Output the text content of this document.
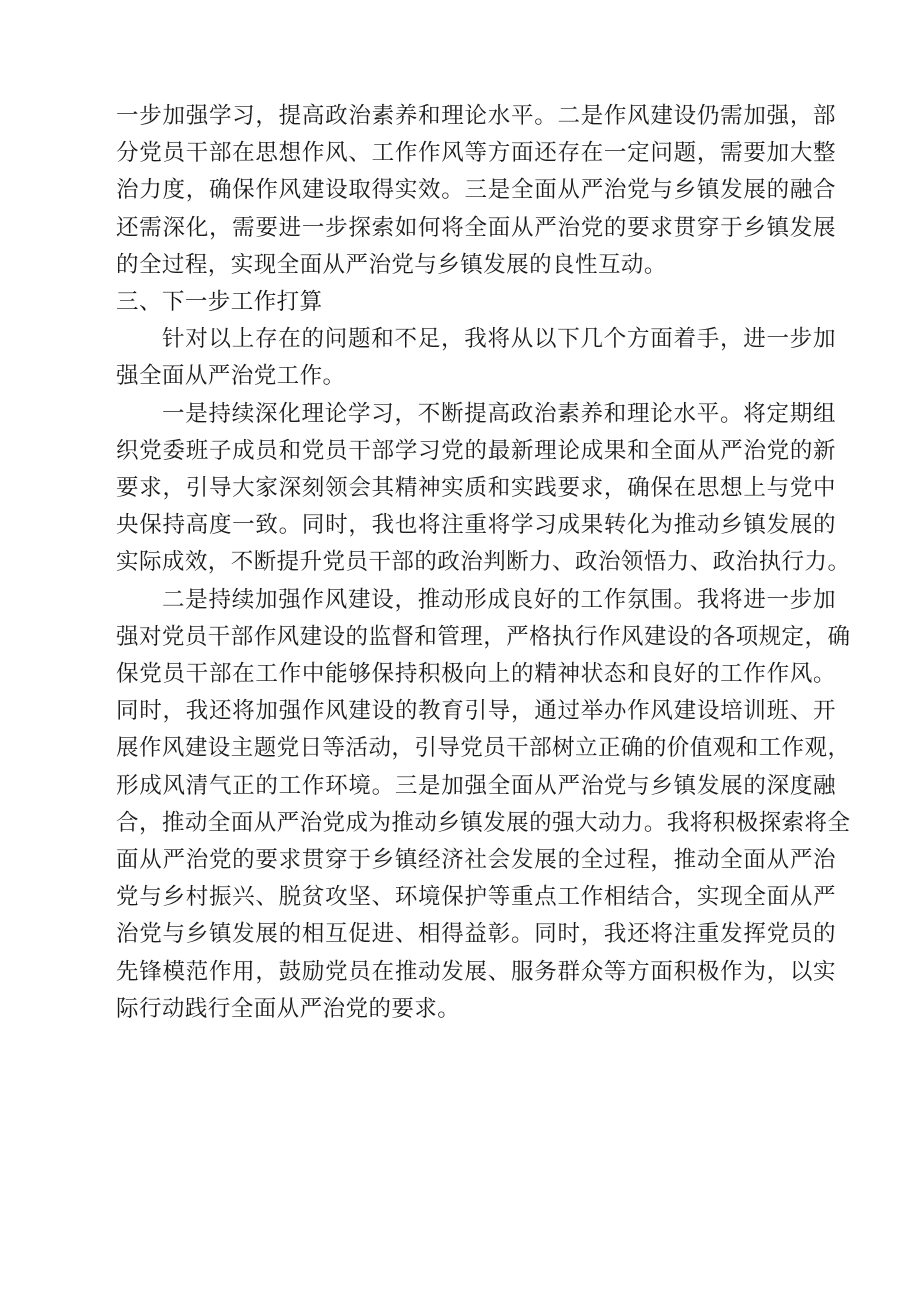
一步加强学习，提高政治素养和理论水平。二是作风建设仍需加强，部
分党员干部在思想作风、工作作风等方面还存在一定问题，需要加大整
治力度，确保作风建设取得实效。三是全面从严治党与乡镇发展的融合
还需深化，需要进一步探索如何将全面从严治党的要求贯穿于乡镇发展
的全过程，实现全面从严治党与乡镇发展的良性互动。

三、下一步工作打算

针对以上存在的问题和不足，我将从以下几个方面着手，进一步加
强全面从严治党工作。

一是持续深化理论学习，不断提高政治素养和理论水平。将定期组
织党委班子成员和党员干部学习党的最新理论成果和全面从严治党的新
要求，引导大家深刻领会其精神实质和实践要求，确保在思想上与党中
央保持高度一致。同时，我也将注重将学习成果转化为推动乡镇发展的
实际成效，不断提升党员干部的政治判断力、政治领悟力、政治执行力。

二是持续加强作风建设，推动形成良好的工作氛围。我将进一步加
强对党员干部作风建设的监督和管理，严格执行作风建设的各项规定，确
保党员干部在工作中能够保持积极向上的精神状态和良好的工作作风。
同时，我还将加强作风建设的教育引导，通过举办作风建设培训班、开
展作风建设主题党日等活动，引导党员干部树立正确的价值观和工作观，
形成风清气正的工作环境。三是加强全面从严治党与乡镇发展的深度融
合，推动全面从严治党成为推动乡镇发展的强大动力。我将积极探索将全
面从严治党的要求贯穿于乡镇经济社会发展的全过程，推动全面从严治
党与乡村振兴、脱贫攻坚、环境保护等重点工作相结合，实现全面从严
治党与乡镇发展的相互促进、相得益彰。同时，我还将注重发挥党员的
先锋模范作用，鼓励党员在推动发展、服务群众等方面积极作为，以实
际行动践行全面从严治党的要求。
